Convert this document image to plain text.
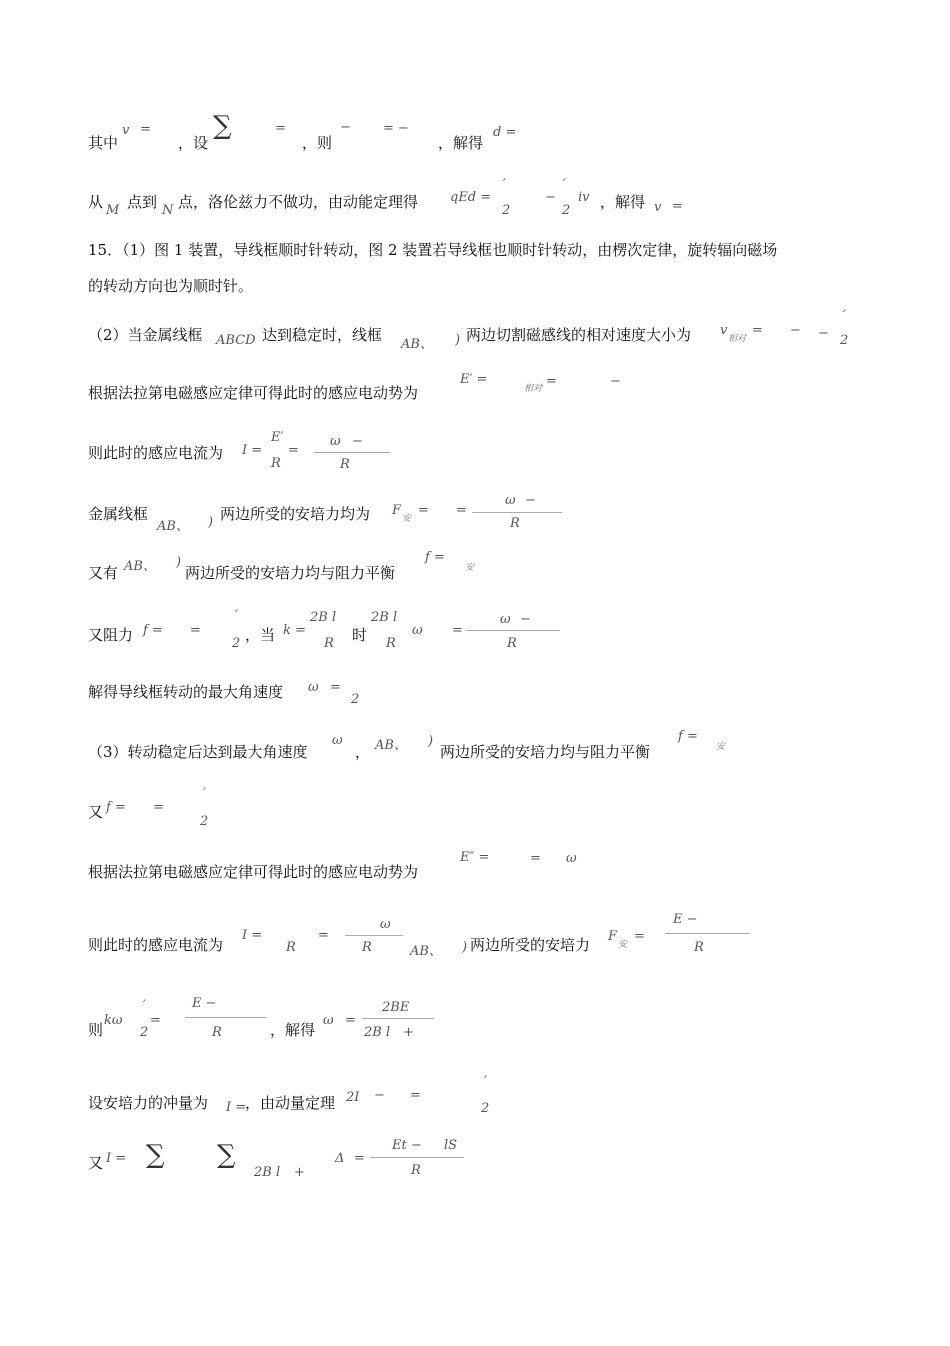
其中
v =
，设
∑	=
，则
− = −
，解得
d =
从 M 点到 N 点，洛伦兹力不做功，由动能定理得 qEd =
′
2
−
′
2
iv ，解得 v =
15．（1）图 1 装置，导线框顺时针转动，图 2 装置若导线框也顺时针转动，由楞次定律，旋转辐向磁场
的转动方向也为顺时针。
（2）当金属线框 ABCD 达到稳定时，线框
AB、 ) 两边切割磁感线的相对速度大小为 v
相对
= − −
′
2
根据法拉第电磁感应定律可得此时的感应电动势为
E′ =
相对 =	−
则此时的感应电流为 I =
E′
R
=
ω −
R
金属线框
AB、 ) 两边所受的安培力均为 F
安
= =
ω −
R
又有 AB、 )
两边所受的安培力均与阻力平衡
f =
安
又阻力 f = =
′
2 ，当 k =
2B l
R 时
2B l
R
ω =
ω −
R
解得导线框转动的最大角速度 ω =
2
（3）转动稳定后达到最大角速度
ω
， AB、 )
两边所受的安培力均与阻力平衡
f =
安
又 f = =
′
2
根据法拉第电磁感应定律可得此时的感应电动势为
E″ =	= ω
则此时的感应电流为
I =
R
=
ω
R	AB、 ) 两边所受的安培力 F
安
=
E −
R
则
kω
′
2
=
E −
R	，解得
ω =
2BE
2B l +
设安培力的冲量为 I =
，由动量定理 2I − =
′
2
又 I = ∑ ∑
2B l +
Δ =
Et − lS
R
